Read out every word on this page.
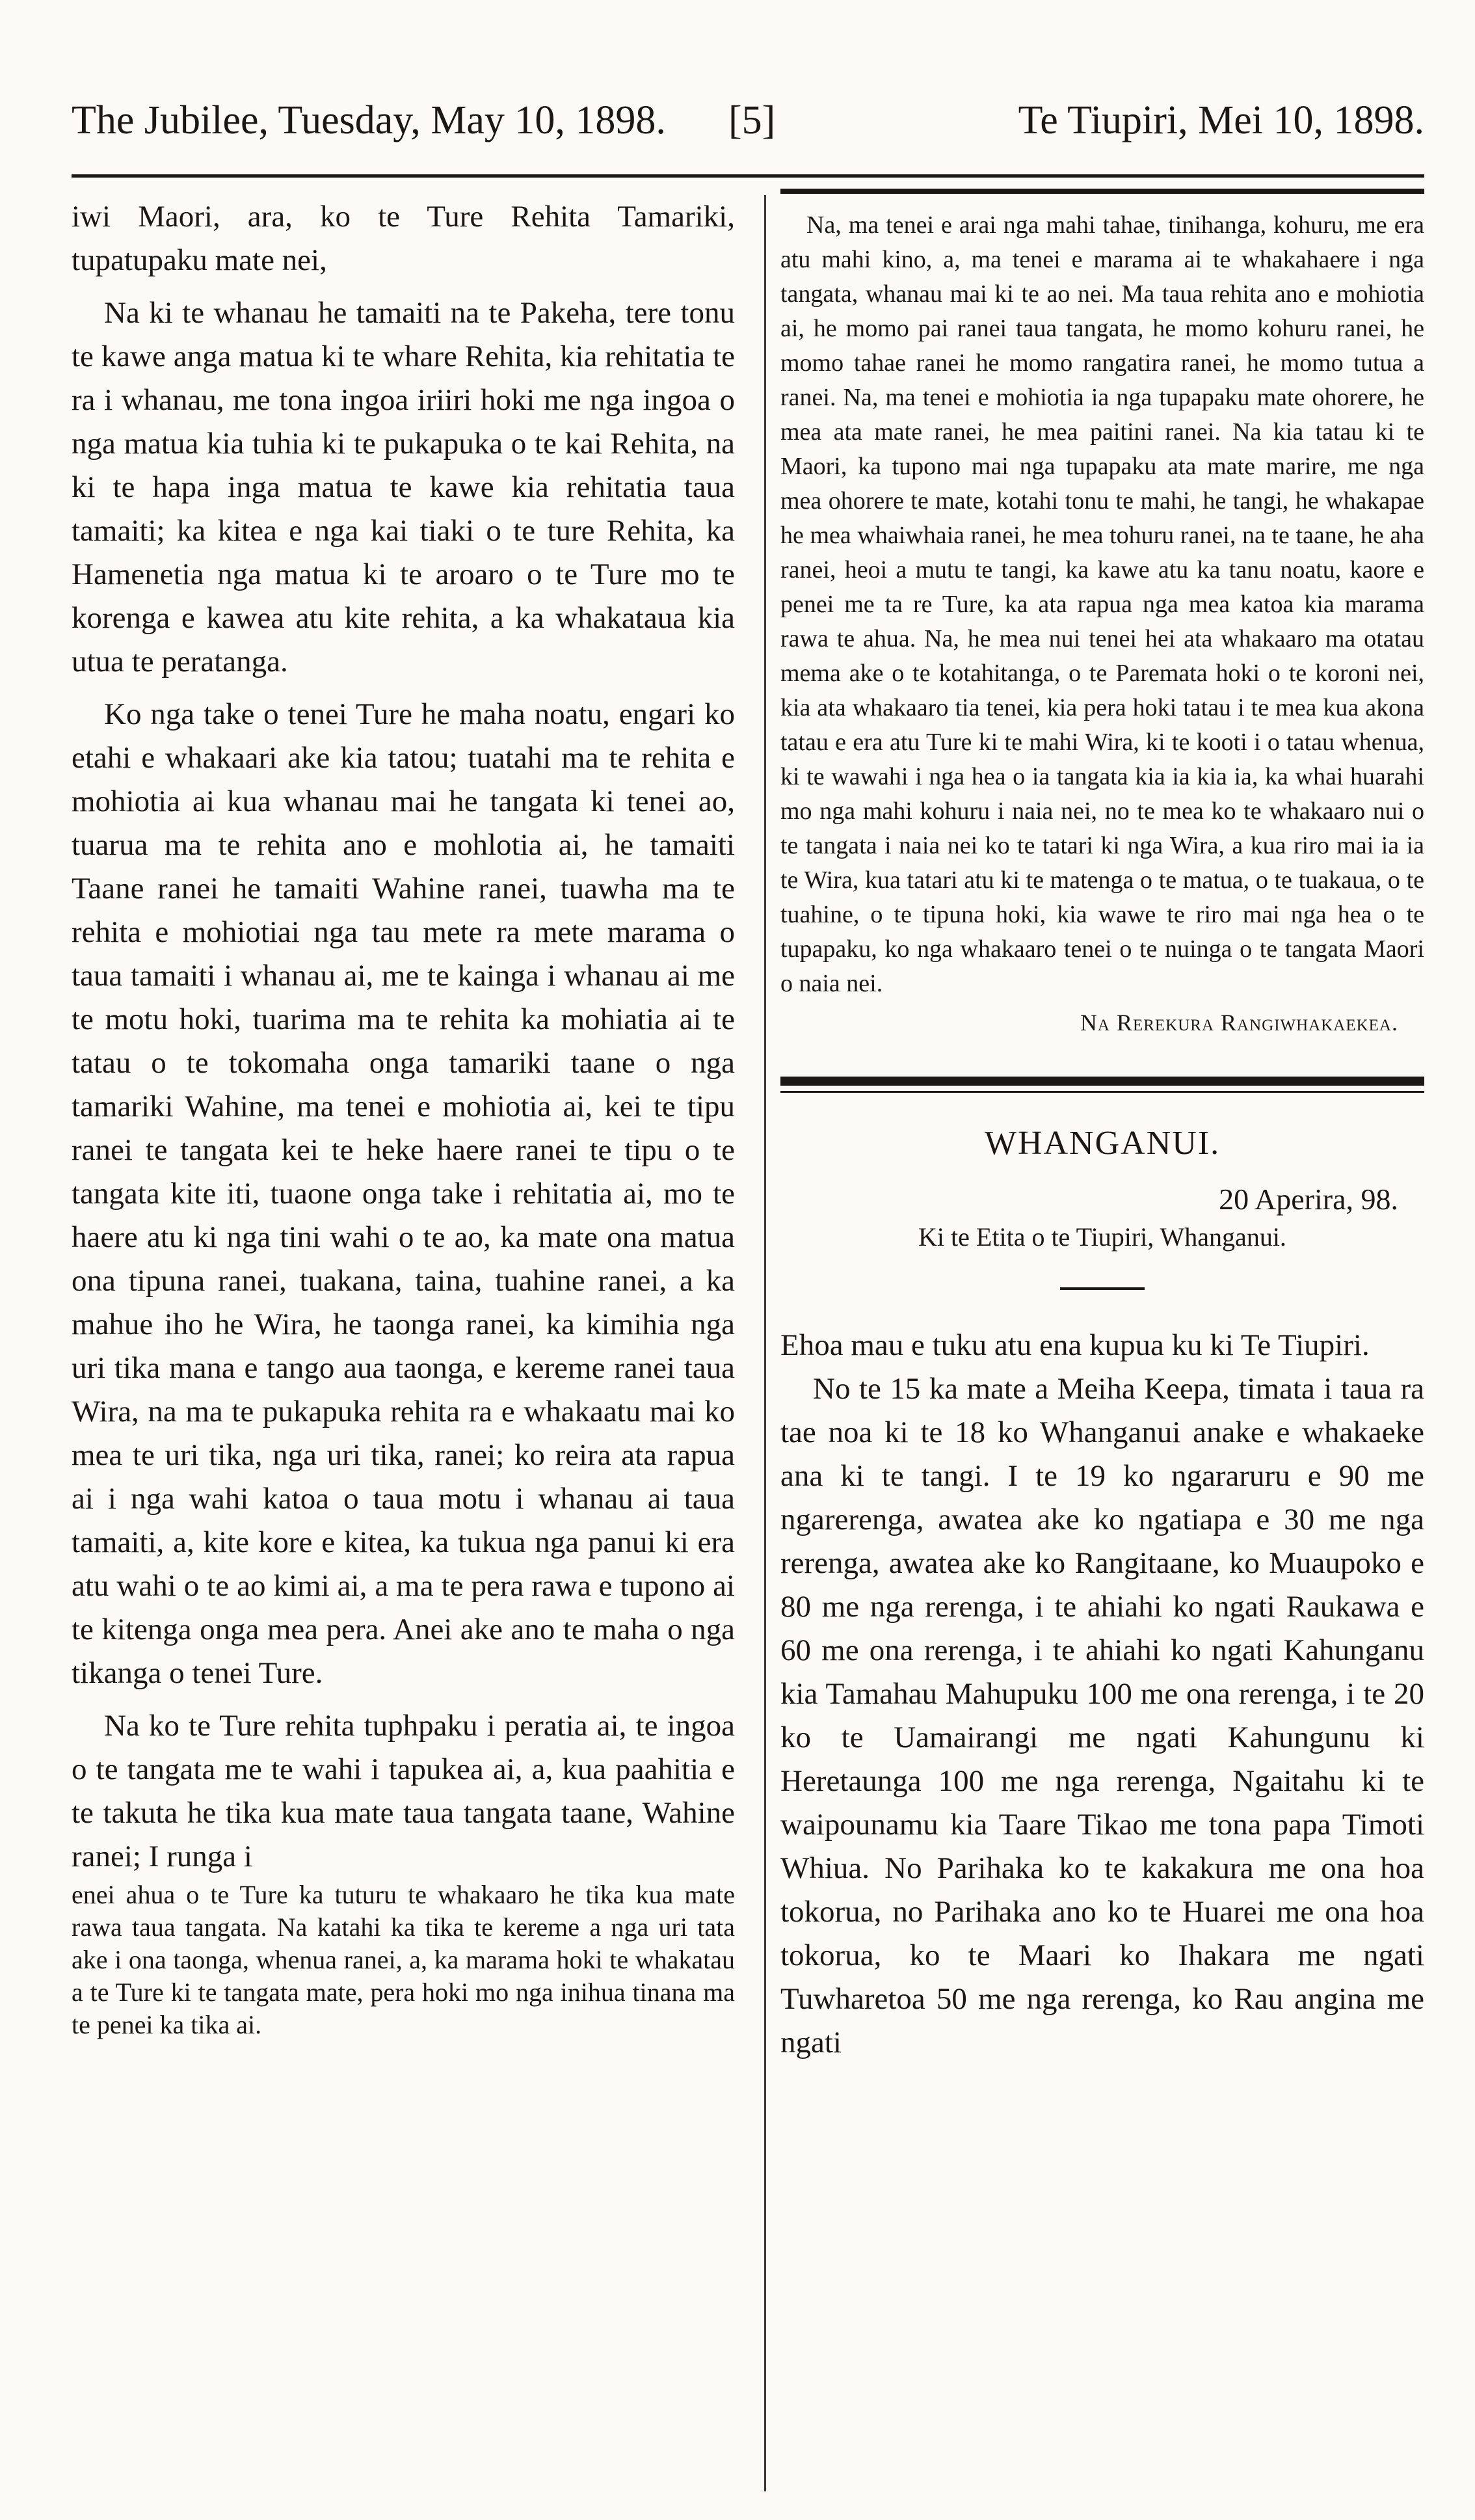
The Jubilee, Tuesday, May 10, 1898. [5]	Te Tiupiri, Mei 10, 1898.

iwi Maori, ara, ko te Ture Rehita Tamariki, tupatupaku mate nei,

Na ki te whanau he tamaiti na te Pakeha, tere tonu te kawe anga matua ki te whare Rehita, kia rehitatia te ra i whanau, me tona ingoa iriiri hoki me nga ingoa o nga matua kia tuhia ki te pukapuka o te kai Rehita, na ki te hapa inga matua te kawe kia rehitatia taua tamaiti; ka kitea e nga kai tiaki o te ture Rehita, ka Hamenetia nga matua ki te aroaro o te Ture mo te korenga e kawea atu kite rehita, a ka whakataua kia utua te peratanga.

Ko nga take o tenei Ture he maha noatu, engari ko etahi e whakaari ake kia tatou; tuatahi ma te rehita e mohiotia ai kua whanau mai he tangata ki tenei ao, tuarua ma te rehita ano e mohlotia ai, he tamaiti Taane ranei he tamaiti Wahine ranei, tuawha ma te rehita e mohiotiai nga tau mete ra mete marama o taua tamaiti i whanau ai, me te kainga i whanau ai me te motu hoki, tuarima ma te rehita ka mohiatia ai te tatau o te tokomaha onga tamariki taane o nga tamariki Wahine, ma tenei e mohiotia ai, kei te tipu ranei te tangata kei te heke haere ranei te tipu o te tangata kite iti, tuaone onga take i rehitatia ai, mo te haere atu ki nga tini wahi o te ao, ka mate ona matua ona tipuna ranei, tuakana, taina, tuahine ranei, a ka mahue iho he Wira, he taonga ranei, ka kimihia nga uri tika mana e tango aua taonga, e kereme ranei taua Wira, na ma te pukapuka rehita ra e whakaatu mai ko mea te uri tika, nga uri tika, ranei; ko reira ata rapua ai i nga wahi katoa o taua motu i whanau ai taua tamaiti, a, kite kore e kitea, ka tukua nga panui ki era atu wahi o te ao kimi ai, a ma te pera rawa e tupono ai te kitenga onga mea pera. Anei ake ano te maha o nga tikanga o tenei Ture.

Na ko te Ture rehita tuphpaku i peratia ai, te ingoa o te tangata me te wahi i tapukea ai, a, kua paahitia e te takuta he tika kua mate taua tangata taane, Wahine ranei; I runga i

enei ahua o te Ture ka tuturu te whakaaro he tika kua mate rawa taua tangata. Na katahi ka tika te kereme a nga uri tata ake i ona taonga, whenua ranei, a, ka marama hoki te whakatau a te Ture ki te tangata mate, pera hoki mo nga inihua tinana ma te penei ka tika ai.

Na, ma tenei e arai nga mahi tahae, tinihanga, kohuru, me era atu mahi kino, a, ma tenei e marama ai te whakahaere i nga tangata, whanau mai ki te ao nei. Ma taua rehita ano e mohiotia ai, he momo pai ranei taua tangata, he momo kohuru ranei, he momo tahae ranei he momo rangatira ranei, he momo tutua a ranei. Na, ma tenei e mohiotia ia nga tupapaku mate ohorere, he mea ata mate ranei, he mea paitini ranei. Na kia tatau ki te Maori, ka tupono mai nga tupapaku ata mate marire, me nga mea ohorere te mate, kotahi tonu te mahi, he tangi, he whakapae he mea whaiwhaia ranei, he mea tohuru ranei, na te taane, he aha ranei, heoi a mutu te tangi, ka kawe atu ka tanu noatu, kaore e penei me ta re Ture, ka ata rapua nga mea katoa kia marama rawa te ahua. Na, he mea nui tenei hei ata whakaaro ma otatau mema ake o te kotahitanga, o te Paremata hoki o te koroni nei, kia ata whakaaro tia tenei, kia pera hoki tatau i te mea kua akona tatau e era atu Ture ki te mahi Wira, ki te kooti i o tatau whenua, ki te wawahi i nga hea o ia tangata kia ia kia ia, ka whai huarahi mo nga mahi kohuru i naia nei, no te mea ko te whakaaro nui o te tangata i naia nei ko te tatari ki nga Wira, a kua riro mai ia ia te Wira, kua tatari atu ki te matenga o te matua, o te tuakaua, o te tuahine, o te tipuna hoki, kia wawe te riro mai nga hea o te tupapaku, ko nga whakaaro tenei o te nuinga o te tangata Maori o naia nei.

Na Rerekura Rangiwhakaekea.
WHANGANUI.
20 Aperira, 98.
Ki te Etita o te Tiupiri, Whanganui.

Ehoa mau e tuku atu ena kupua ku ki Te Tiupiri.

No te 15 ka mate a Meiha Keepa, timata i taua ra tae noa ki te 18 ko Whanganui anake e whakaeke ana ki te tangi. I te 19 ko ngararuru e 90 me ngarerenga, awatea ake ko ngatiapa e 30 me nga rerenga, awatea ake ko Rangitaane, ko Muaupoko e 80 me nga rerenga, i te ahiahi ko ngati Raukawa e 60 me ona rerenga, i te ahiahi ko ngati Kahunganu kia Tamahau Mahupuku 100 me ona rerenga, i te 20 ko te Uamairangi me ngati Kahungunu ki Heretaunga 100 me nga rerenga, Ngaitahu ki te waipounamu kia Taare Tikao me tona papa Timoti Whiua. No Parihaka ko te kakakura me ona hoa tokorua, no Parihaka ano ko te Huarei me ona hoa tokorua, ko te Maari ko Ihakara me ngati Tuwharetoa 50 me nga rerenga, ko Rau angina me ngati
